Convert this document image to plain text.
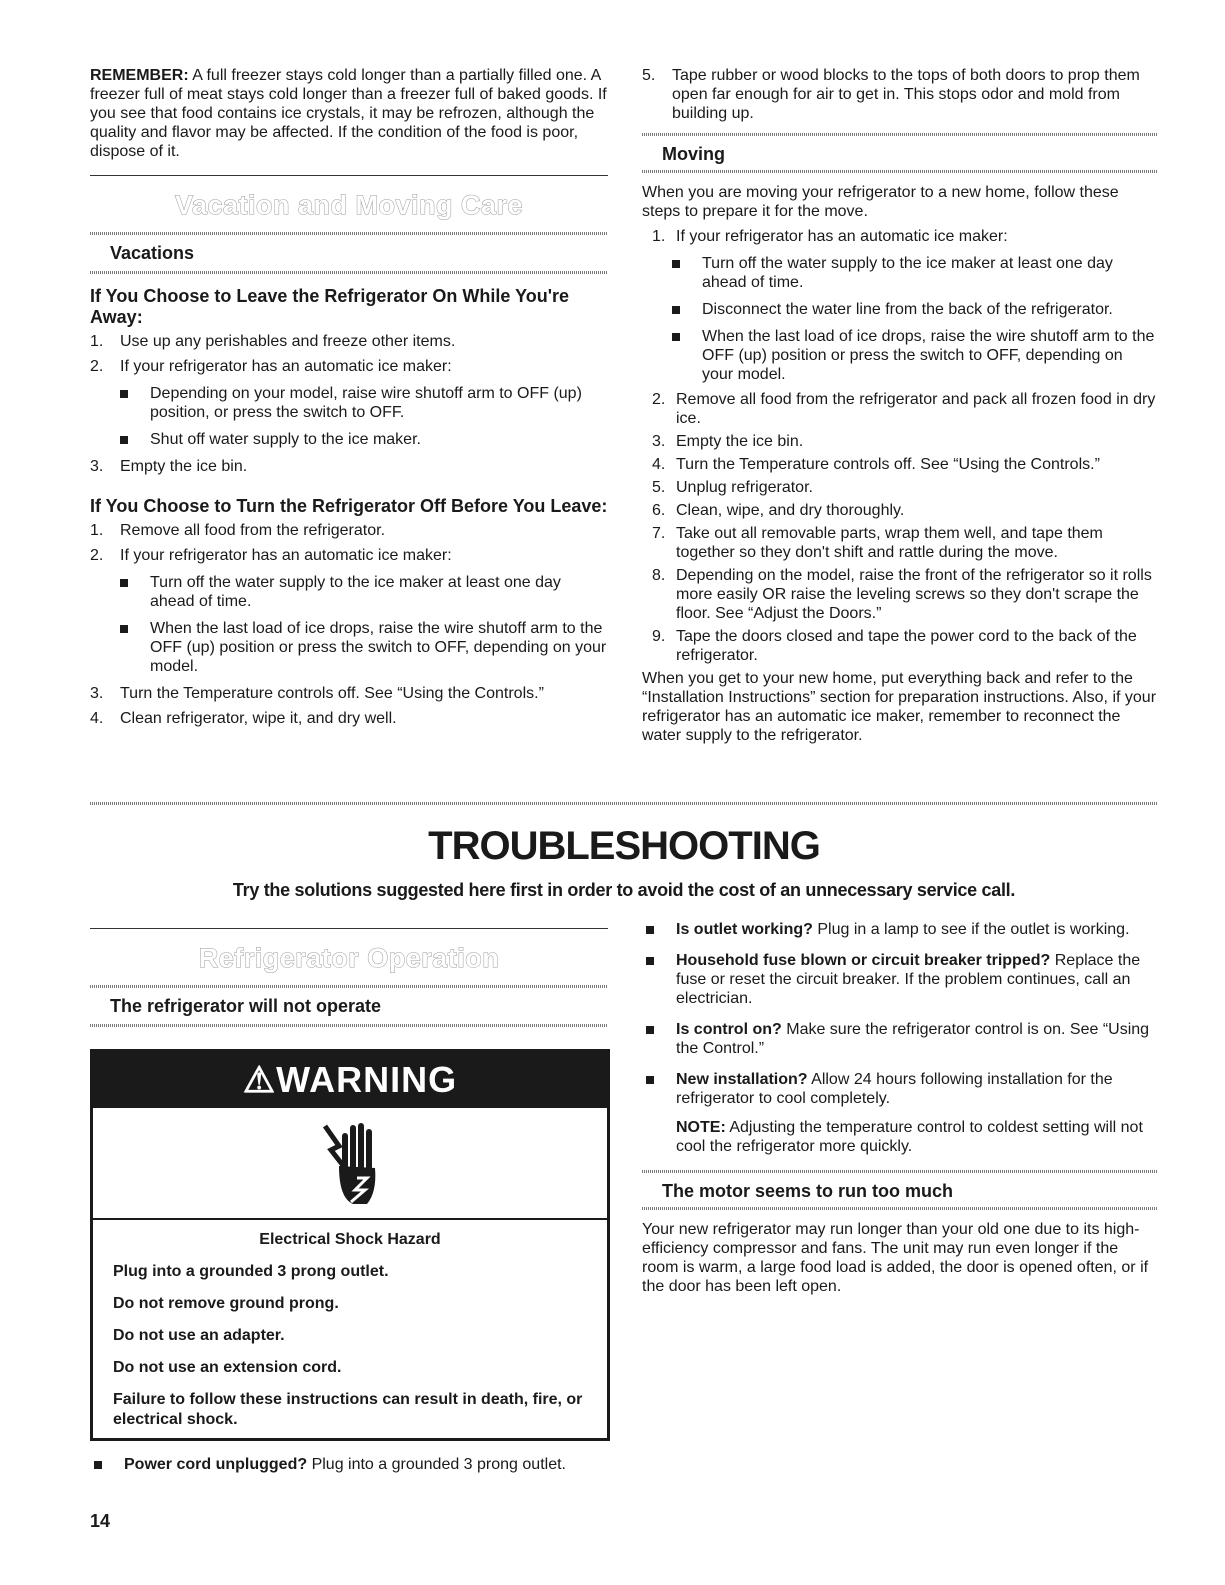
REMEMBER: A full freezer stays cold longer than a partially filled one. A freezer full of meat stays cold longer than a freezer full of baked goods. If you see that food contains ice crystals, it may be refrozen, although the quality and flavor may be affected. If the condition of the food is poor, dispose of it.

Vacation and Moving Care
Vacations
If You Choose to Leave the Refrigerator On While You're Away:
1.	Use up any perishables and freeze other items.
2.	If your refrigerator has an automatic ice maker:
Depending on your model, raise wire shutoff arm to OFF (up) position, or press the switch to OFF.
Shut off water supply to the ice maker.
3.	Empty the ice bin.
If You Choose to Turn the Refrigerator Off Before You Leave:
1.	Remove all food from the refrigerator.
2.	If your refrigerator has an automatic ice maker:
Turn off the water supply to the ice maker at least one day ahead of time.
When the last load of ice drops, raise the wire shutoff arm to the OFF (up) position or press the switch to OFF, depending on your model.
3.	Turn the Temperature controls off. See “Using the Controls.”
4.	Clean refrigerator, wipe it, and dry well.
5.	Tape rubber or wood blocks to the tops of both doors to prop them open far enough for air to get in. This stops odor and mold from building up.
Moving

When you are moving your refrigerator to a new home, follow these steps to prepare it for the move.

1. If your refrigerator has an automatic ice maker:
Turn off the water supply to the ice maker at least one day ahead of time.
Disconnect the water line from the back of the refrigerator.
When the last load of ice drops, raise the wire shutoff arm to the OFF (up) position or press the switch to OFF, depending on your model.
2. Remove all food from the refrigerator and pack all frozen food in dry ice.
3. Empty the ice bin.
4. Turn the Temperature controls off. See “Using the Controls.”
5. Unplug refrigerator.
6. Clean, wipe, and dry thoroughly.
7. Take out all removable parts, wrap them well, and tape them together so they don't shift and rattle during the move.
8. Depending on the model, raise the front of the refrigerator so it rolls more easily OR raise the leveling screws so they don't scrape the floor. See “Adjust the Doors.”
9. Tape the doors closed and tape the power cord to the back of the refrigerator.

When you get to your new home, put everything back and refer to the “Installation Instructions” section for preparation instructions. Also, if your refrigerator has an automatic ice maker, remember to reconnect the water supply to the refrigerator.

TROUBLESHOOTING
Try the solutions suggested here first in order to avoid the cost of an unnecessary service call.
Refrigerator Operation
The refrigerator will not operate
⚠WARNING

Electrical Shock Hazard

Plug into a grounded 3 prong outlet.

Do not remove ground prong.

Do not use an adapter.

Do not use an extension cord.

Failure to follow these instructions can result in death, fire, or electrical shock.

Power cord unplugged? Plug into a grounded 3 prong outlet.
Is outlet working? Plug in a lamp to see if the outlet is working.
Household fuse blown or circuit breaker tripped? Replace the fuse or reset the circuit breaker. If the problem continues, call an electrician.
Is control on? Make sure the refrigerator control is on. See “Using the Control.”
New installation? Allow 24 hours following installation for the refrigerator to cool completely.

NOTE: Adjusting the temperature control to coldest setting will not cool the refrigerator more quickly.

The motor seems to run too much

Your new refrigerator may run longer than your old one due to its high-efficiency compressor and fans. The unit may run even longer if the room is warm, a large food load is added, the door is opened often, or if the door has been left open.

14
